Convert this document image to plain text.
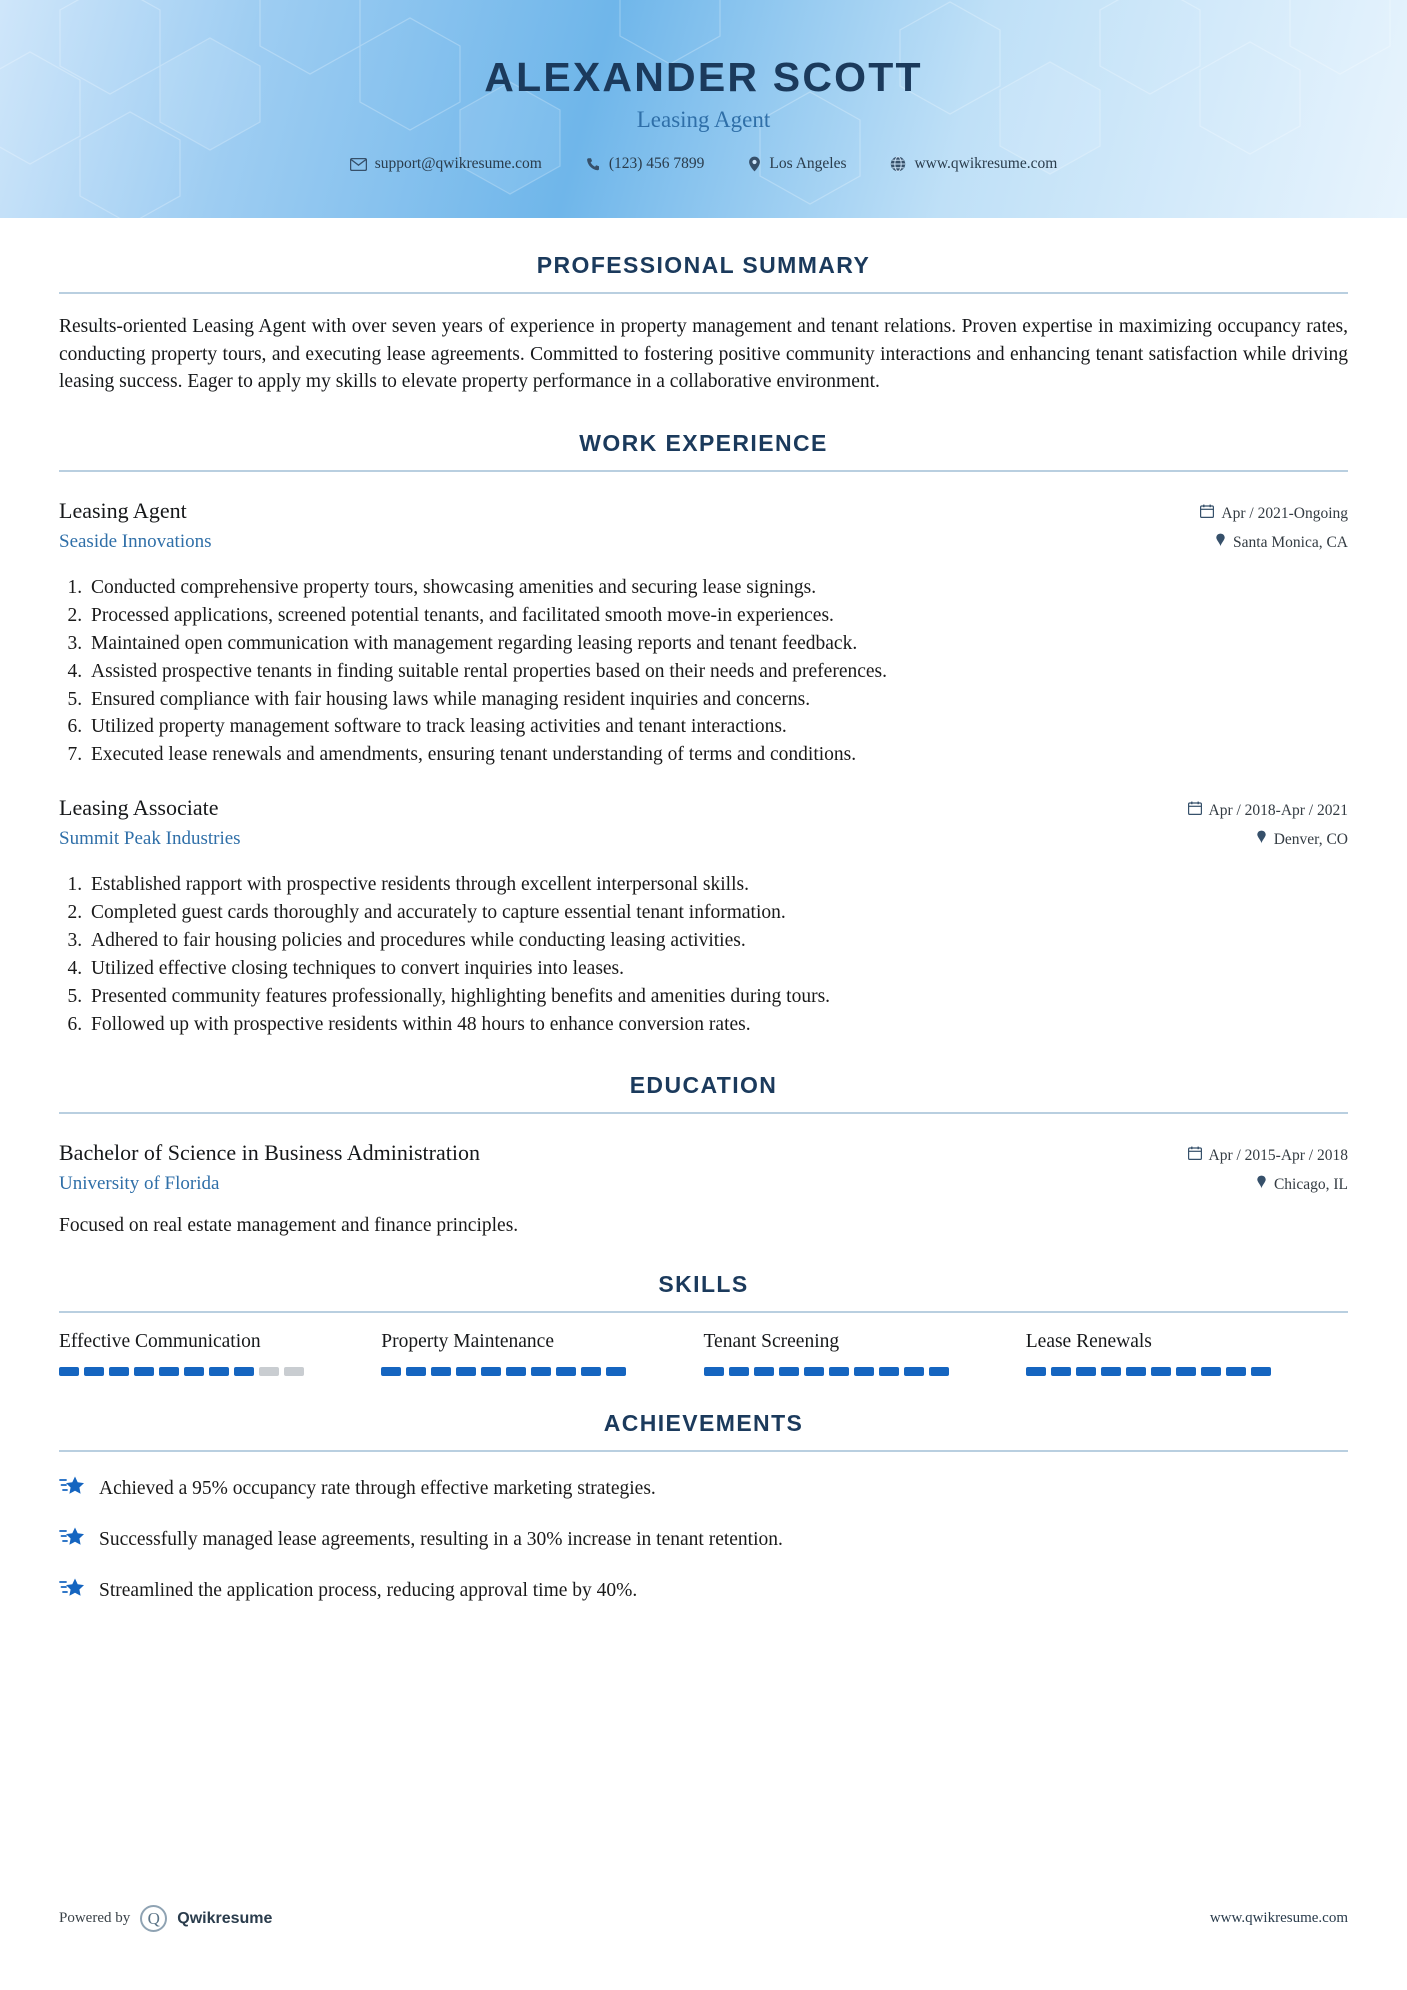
ALEXANDER SCOTT
Leasing Agent
support@qwikresume.com	(123) 456 7899	Los Angeles	www.qwikresume.com
PROFESSIONAL SUMMARY

Results-oriented Leasing Agent with over seven years of experience in property management and tenant relations. Proven expertise in maximizing occupancy rates, conducting property tours, and executing lease agreements. Committed to fostering positive community interactions and enhancing tenant satisfaction while driving leasing success. Eager to apply my skills to elevate property performance in a collaborative environment.

WORK EXPERIENCE
Leasing Agent
Seaside Innovations
Apr / 2021-Ongoing
Santa Monica, CA
1. Conducted comprehensive property tours, showcasing amenities and securing lease signings.
2. Processed applications, screened potential tenants, and facilitated smooth move-in experiences.
3. Maintained open communication with management regarding leasing reports and tenant feedback.
4. Assisted prospective tenants in finding suitable rental properties based on their needs and preferences.
5. Ensured compliance with fair housing laws while managing resident inquiries and concerns.
6. Utilized property management software to track leasing activities and tenant interactions.
7. Executed lease renewals and amendments, ensuring tenant understanding of terms and conditions.
Leasing Associate
Summit Peak Industries
Apr / 2018-Apr / 2021
Denver, CO
1. Established rapport with prospective residents through excellent interpersonal skills.
2. Completed guest cards thoroughly and accurately to capture essential tenant information.
3. Adhered to fair housing policies and procedures while conducting leasing activities.
4. Utilized effective closing techniques to convert inquiries into leases.
5. Presented community features professionally, highlighting benefits and amenities during tours.
6. Followed up with prospective residents within 48 hours to enhance conversion rates.
EDUCATION
Bachelor of Science in Business Administration
University of Florida
Apr / 2015-Apr / 2018
Chicago, IL
Focused on real estate management and finance principles.
SKILLS
Effective Communication	Property Maintenance	Tenant Screening	Lease Renewals
ACHIEVEMENTS
Achieved a 95% occupancy rate through effective marketing strategies.
Successfully managed lease agreements, resulting in a 30% increase in tenant retention.
Streamlined the application process, reducing approval time by 40%.
Powered by	Q	Qwikresume	www.qwikresume.com
